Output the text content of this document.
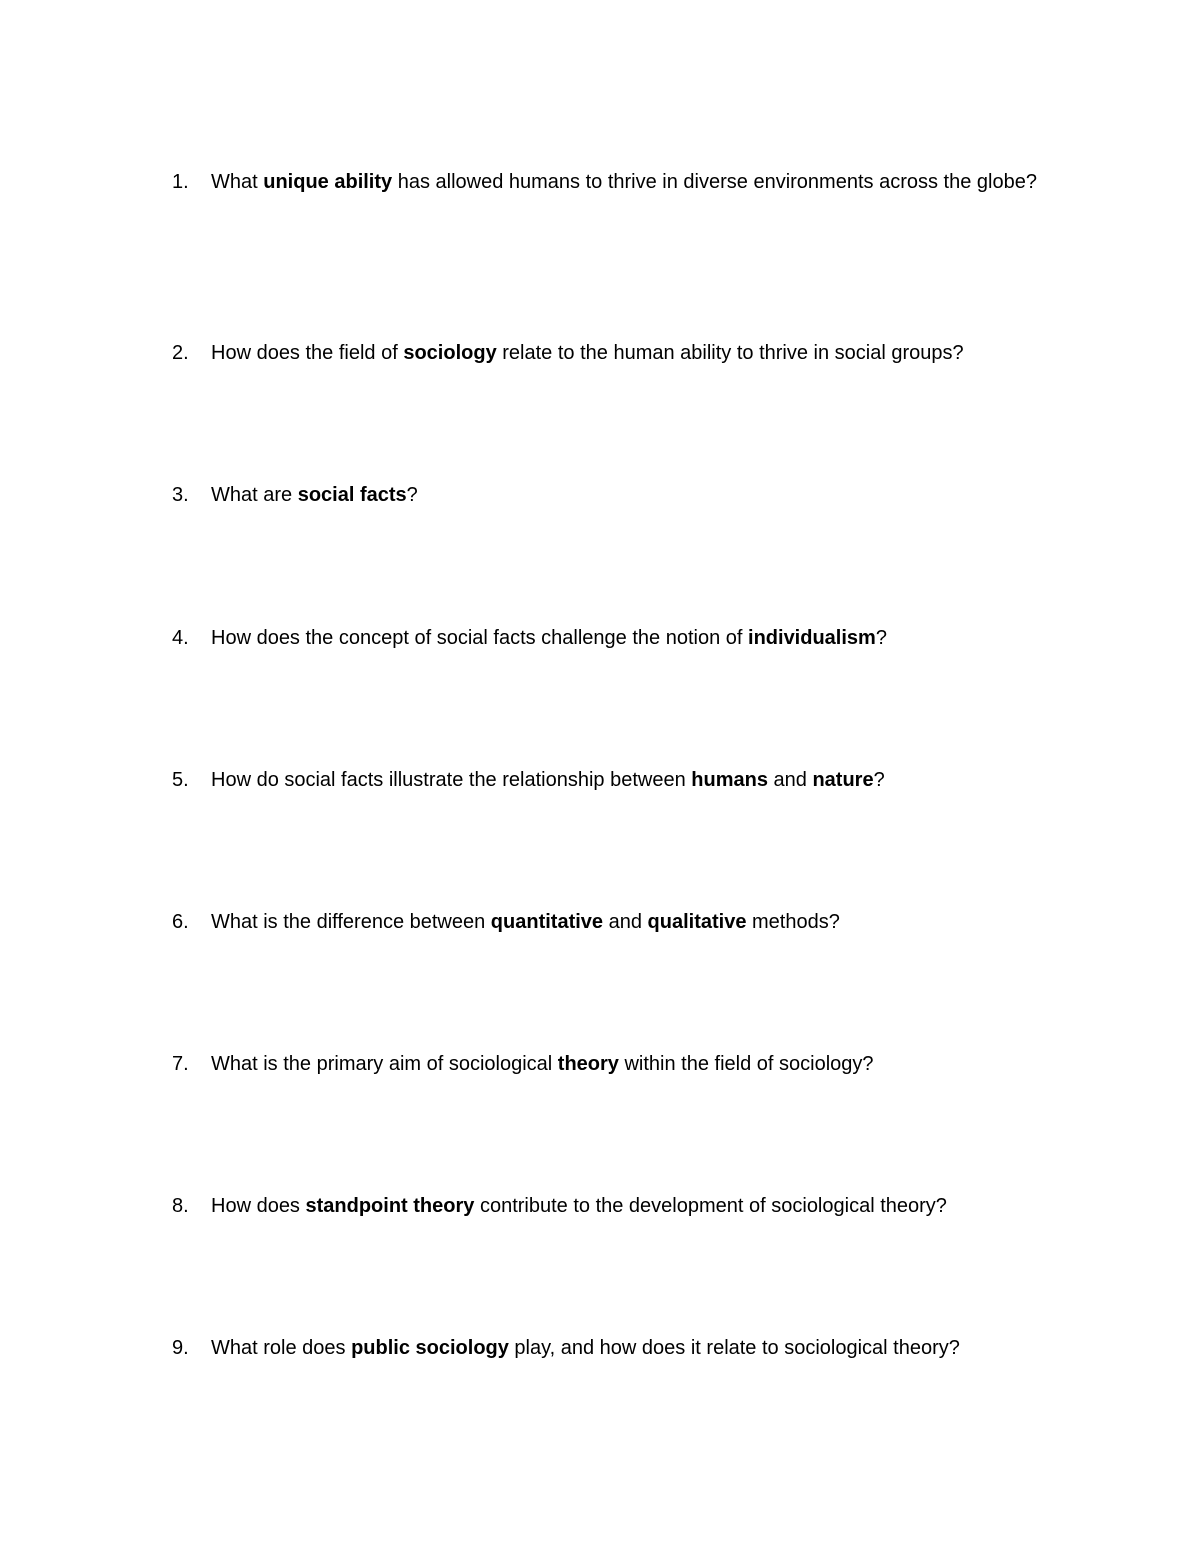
1.	What unique ability has allowed humans to thrive in diverse environments across the globe?
2.	How does the field of sociology relate to the human ability to thrive in social groups?
3.	What are social facts?
4.	How does the concept of social facts challenge the notion of individualism?
5.	How do social facts illustrate the relationship between humans and nature?
6.	What is the difference between quantitative and qualitative methods?
7.	What is the primary aim of sociological theory within the field of sociology?
8.	How does standpoint theory contribute to the development of sociological theory?
9.	What role does public sociology play, and how does it relate to sociological theory?
